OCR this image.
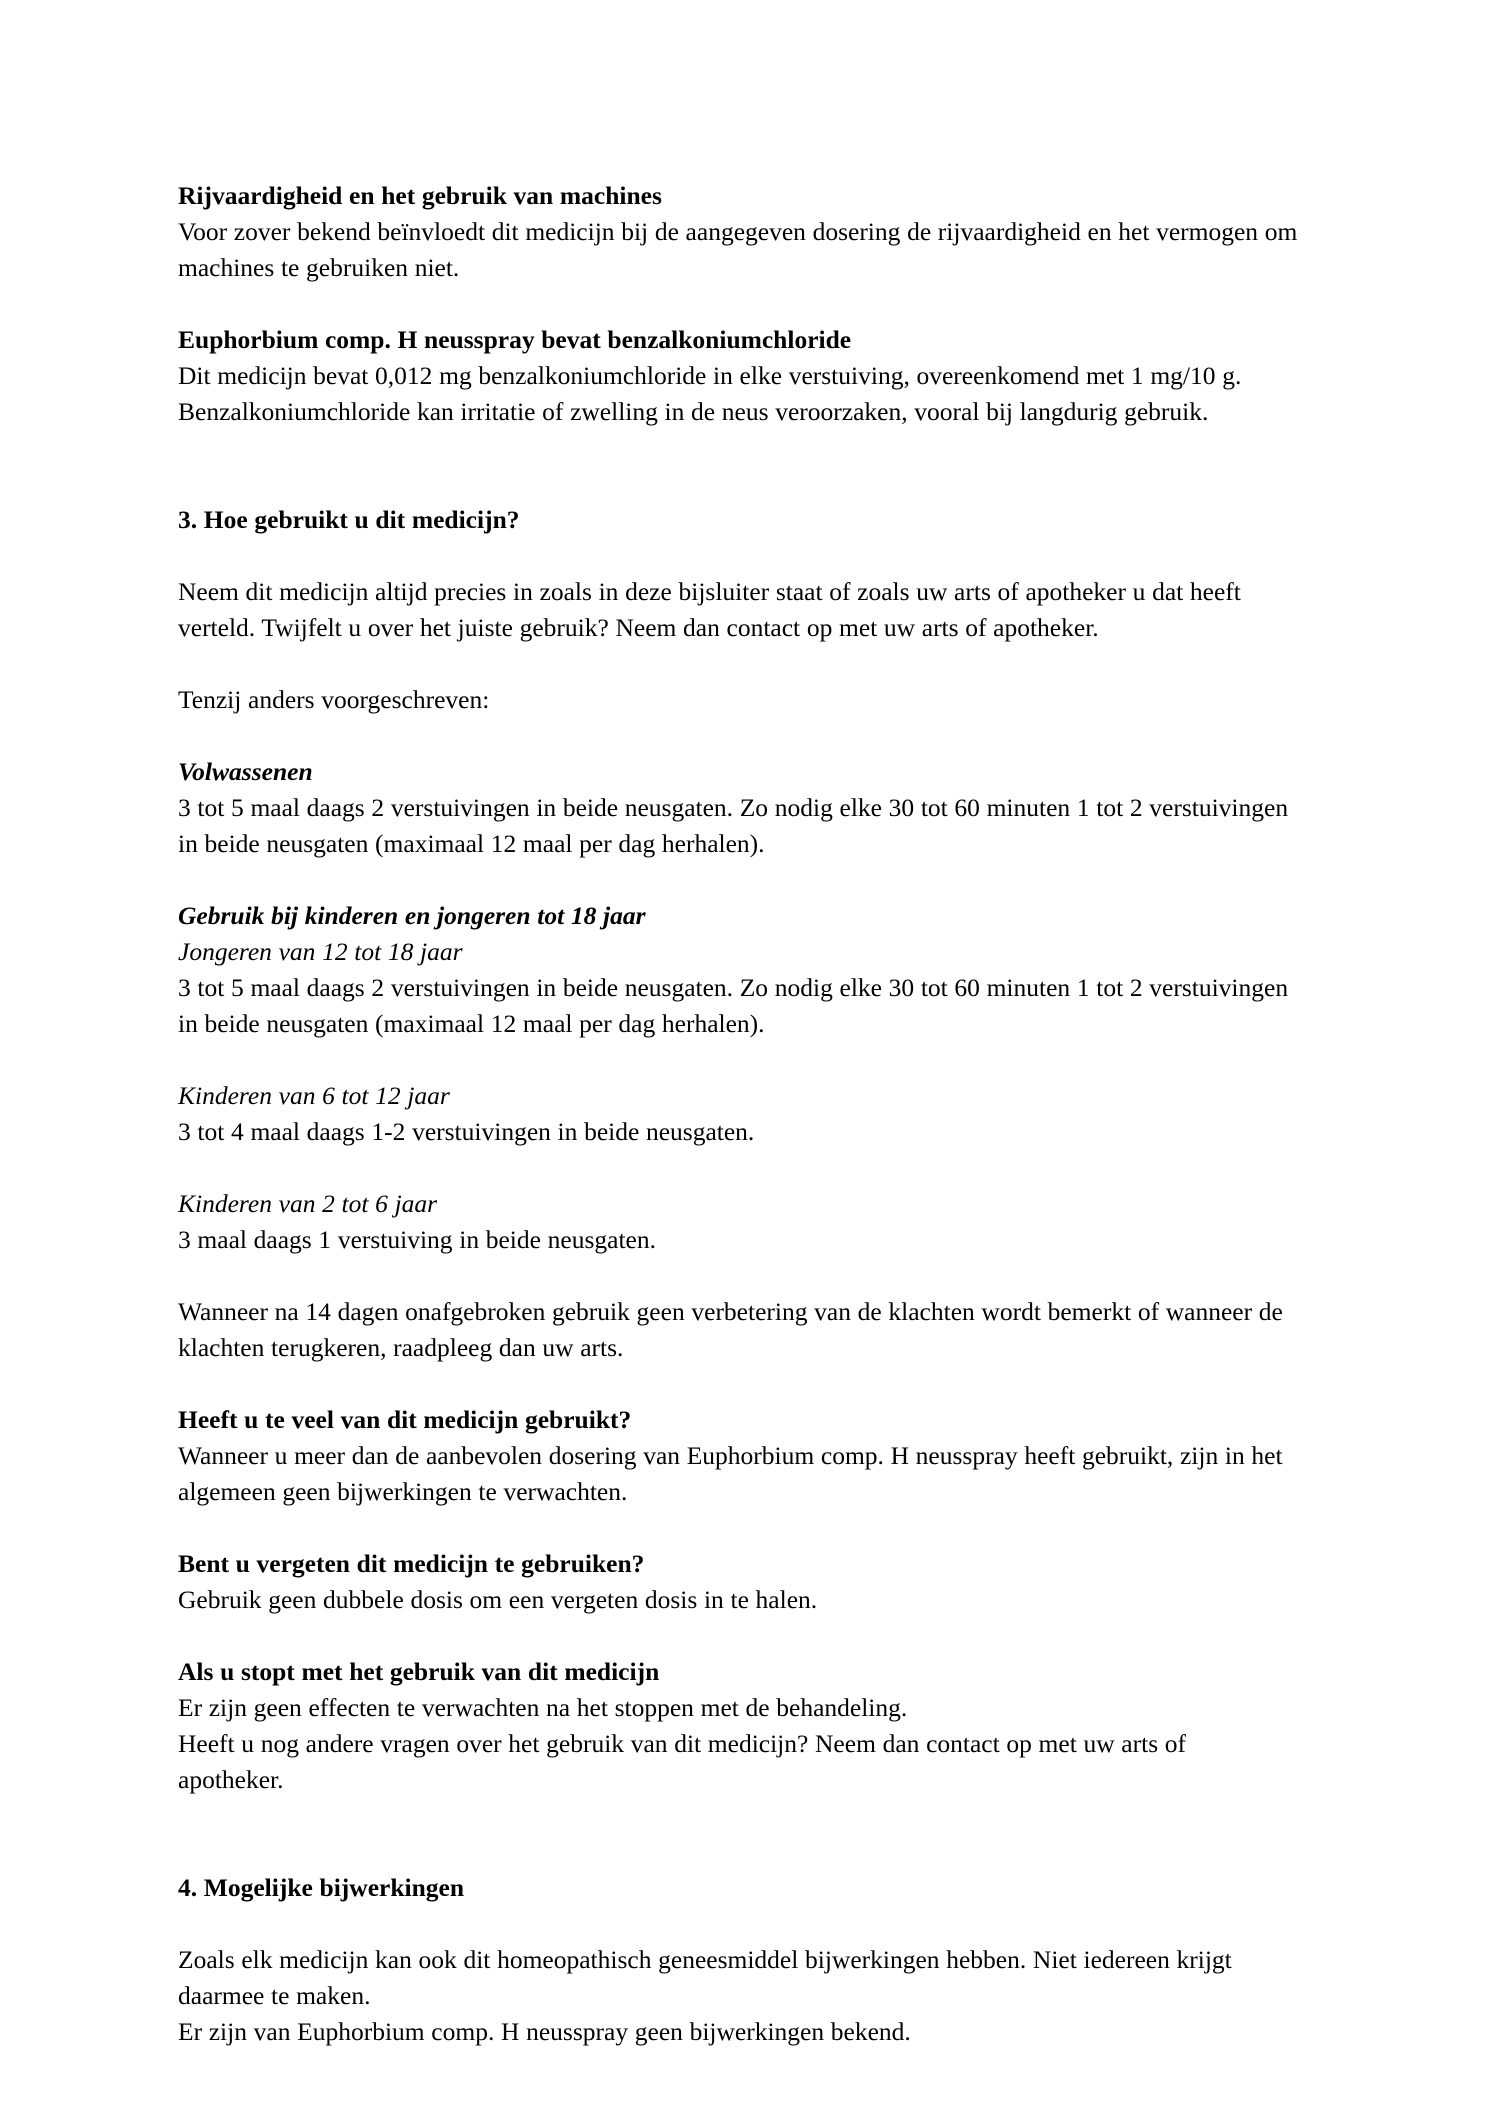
Rijvaardigheid en het gebruik van machines

Voor zover bekend beïnvloedt dit medicijn bij de aangegeven dosering de rijvaardigheid en het vermogen om machines te gebruiken niet.

Euphorbium comp. H neusspray bevat benzalkoniumchloride

Dit medicijn bevat 0,012 mg benzalkoniumchloride in elke verstuiving, overeenkomend met 1 mg/10 g. Benzalkoniumchloride kan irritatie of zwelling in de neus veroorzaken, vooral bij langdurig gebruik.

3. Hoe gebruikt u dit medicijn?

Neem dit medicijn altijd precies in zoals in deze bijsluiter staat of zoals uw arts of apotheker u dat heeft verteld. Twijfelt u over het juiste gebruik? Neem dan contact op met uw arts of apotheker.

Tenzij anders voorgeschreven:

Volwassenen

3 tot 5 maal daags 2 verstuivingen in beide neusgaten. Zo nodig elke 30 tot 60 minuten 1 tot 2 verstuivingen in beide neusgaten (maximaal 12 maal per dag herhalen).

Gebruik bij kinderen en jongeren tot 18 jaar
Jongeren van 12 tot 18 jaar

3 tot 5 maal daags 2 verstuivingen in beide neusgaten. Zo nodig elke 30 tot 60 minuten 1 tot 2 verstuivingen in beide neusgaten (maximaal 12 maal per dag herhalen).

Kinderen van 6 tot 12 jaar

3 tot 4 maal daags 1-2 verstuivingen in beide neusgaten.

Kinderen van 2 tot 6 jaar

3 maal daags 1 verstuiving in beide neusgaten.

Wanneer na 14 dagen onafgebroken gebruik geen verbetering van de klachten wordt bemerkt of wanneer de klachten terugkeren, raadpleeg dan uw arts.

Heeft u te veel van dit medicijn gebruikt?

Wanneer u meer dan de aanbevolen dosering van Euphorbium comp. H neusspray heeft gebruikt, zijn in het algemeen geen bijwerkingen te verwachten.

Bent u vergeten dit medicijn te gebruiken?

Gebruik geen dubbele dosis om een vergeten dosis in te halen.

Als u stopt met het gebruik van dit medicijn

Er zijn geen effecten te verwachten na het stoppen met de behandeling.

Heeft u nog andere vragen over het gebruik van dit medicijn? Neem dan contact op met uw arts of apotheker.

4. Mogelijke bijwerkingen

Zoals elk medicijn kan ook dit homeopathisch geneesmiddel bijwerkingen hebben. Niet iedereen krijgt daarmee te maken.

Er zijn van Euphorbium comp. H neusspray geen bijwerkingen bekend.
